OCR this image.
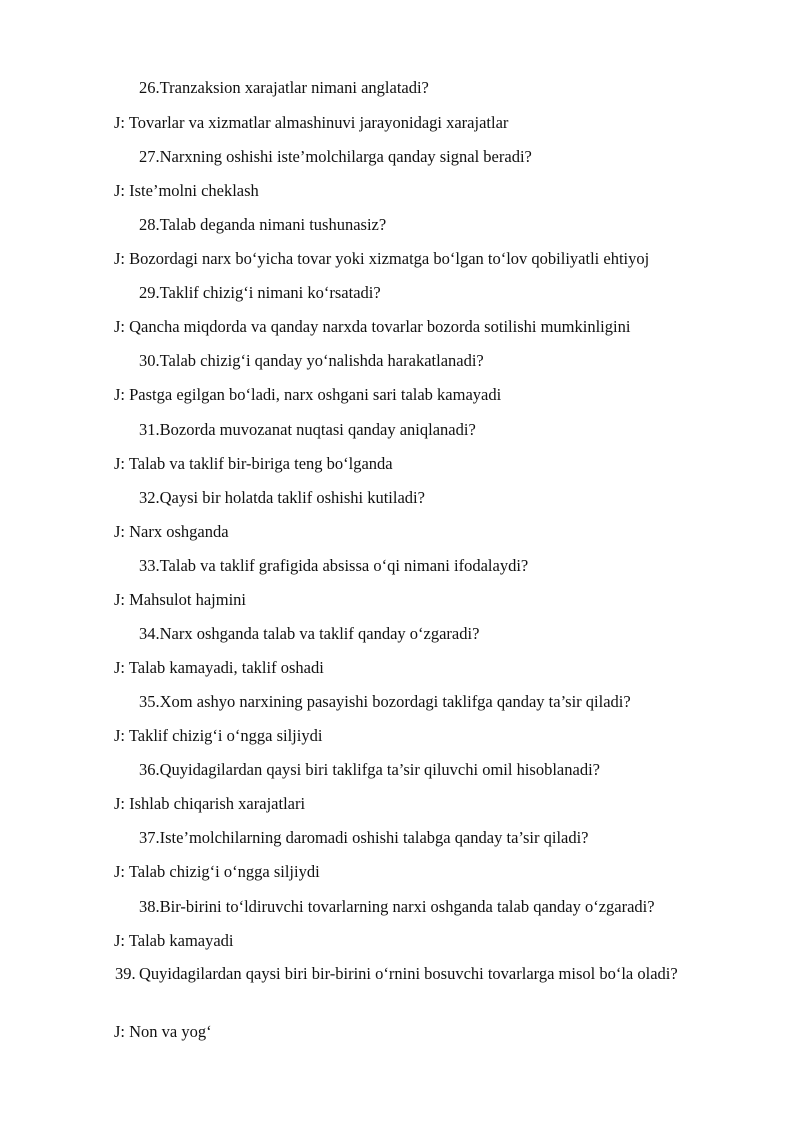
26.Tranzaksion xarajatlar nimani anglatadi?
J: Tovarlar va xizmatlar almashinuvi jarayonidagi xarajatlar
27.Narxning oshishi iste’molchilarga qanday signal beradi?
J: Iste’molni cheklash
28.Talab deganda nimani tushunasiz?
J: Bozordagi narx bo‘yicha tovar yoki xizmatga bo‘lgan to‘lov qobiliyatli ehtiyoj
29.Taklif chizig‘i nimani ko‘rsatadi?
J: Qancha miqdorda va qanday narxda tovarlar bozorda sotilishi mumkinligini
30.Talab chizig‘i qanday yo‘nalishda harakatlanadi?
J: Pastga egilgan bo‘ladi, narx oshgani sari talab kamayadi
31.Bozorda muvozanat nuqtasi qanday aniqlanadi?
J: Talab va taklif bir-biriga teng bo‘lganda
32.Qaysi bir holatda taklif oshishi kutiladi?
J: Narx oshganda
33.Talab va taklif grafigida absissa o‘qi nimani ifodalaydi?
J: Mahsulot hajmini
34.Narx oshganda talab va taklif qanday o‘zgaradi?
J: Talab kamayadi, taklif oshadi
35.Xom ashyo narxining pasayishi bozordagi taklifga qanday ta’sir qiladi?
J: Taklif chizig‘i o‘ngga siljiydi
36.Quyidagilardan qaysi biri taklifga ta’sir qiluvchi omil hisoblanadi?
J: Ishlab chiqarish xarajatlari
37.Iste’molchilarning daromadi oshishi talabga qanday ta’sir qiladi?
J: Talab chizig‘i o‘ngga siljiydi
38.Bir-birini to‘ldiruvchi tovarlarning narxi oshganda talab qanday o‘zgaradi?
J: Talab kamayadi
39. Quyidagilardan qaysi biri bir-birini o‘rnini bosuvchi tovarlarga misol bo‘la oladi?
J: Non va yog‘
